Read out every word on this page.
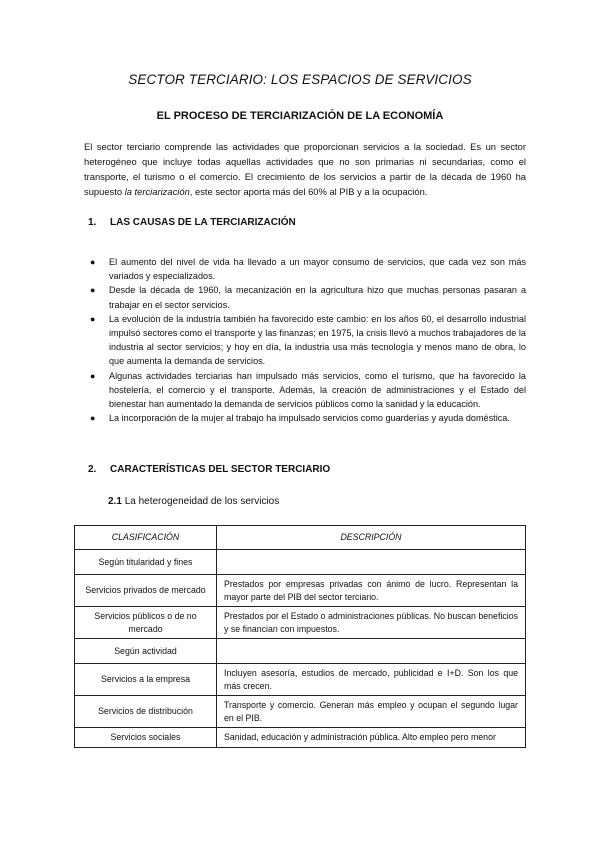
SECTOR TERCIARIO: LOS ESPACIOS DE SERVICIOS
EL PROCESO DE TERCIARIZACIÓN DE LA ECONOMÍA

El sector terciario comprende las actividades que proporcionan servicios a la sociedad. Es un sector heterogéneo que incluye todas aquellas actividades que no son primarias ni secundarias, como el transporte, el turismo o el comercio. El crecimiento de los servicios a partir de la década de 1960 ha supuesto la terciarización, este sector aporta más del 60% al PIB y a la ocupación.

1. LAS CAUSAS DE LA TERCIARIZACIÓN
● El aumento del nivel de vida ha llevado a un mayor consumo de servicios, que cada vez son más variados y especializados.
● Desde la década de 1960, la mecanización en la agricultura hizo que muchas personas pasaran a trabajar en el sector servicios.
● La evolución de la industria también ha favorecido este cambio: en los años 60, el desarrollo industrial impulsó sectores como el transporte y las finanzas; en 1975, la crisis llevó a muchos trabajadores de la industria al sector servicios; y hoy en día, la industria usa más tecnología y menos mano de obra, lo que aumenta la demanda de servicios.
● Algunas actividades terciarias han impulsado más servicios, como el turismo, que ha favorecido la hostelería, el comercio y el transporte. Además, la creación de administraciones y el Estado del bienestar han aumentado la demanda de servicios públicos como la sanidad y la educación.
● La incorporación de la mujer al trabajo ha impulsado servicios como guarderías y ayuda doméstica.
2. CARACTERÍSTICAS DEL SECTOR TERCIARIO
2.1 La heterogeneidad de los servicios
CLASIFICACIÓN	DESCRIPCIÓN
Según titularidad y fines	
Servicios privados de mercado	Prestados por empresas privadas con ánimo de lucro. Representan la mayor parte del PIB del sector terciario.
Servicios públicos o de no mercado	Prestados por el Estado o administraciones públicas. No buscan beneficios y se financian con impuestos.
Según actividad	
Servicios a la empresa	Incluyen asesoría, estudios de mercado, publicidad e I+D. Son los que más crecen.
Servicios de distribución	Transporte y comercio. Generan más empleo y ocupan el segundo lugar en el PIB.
Servicios sociales	Sanidad, educación y administración pública. Alto empleo pero menor
